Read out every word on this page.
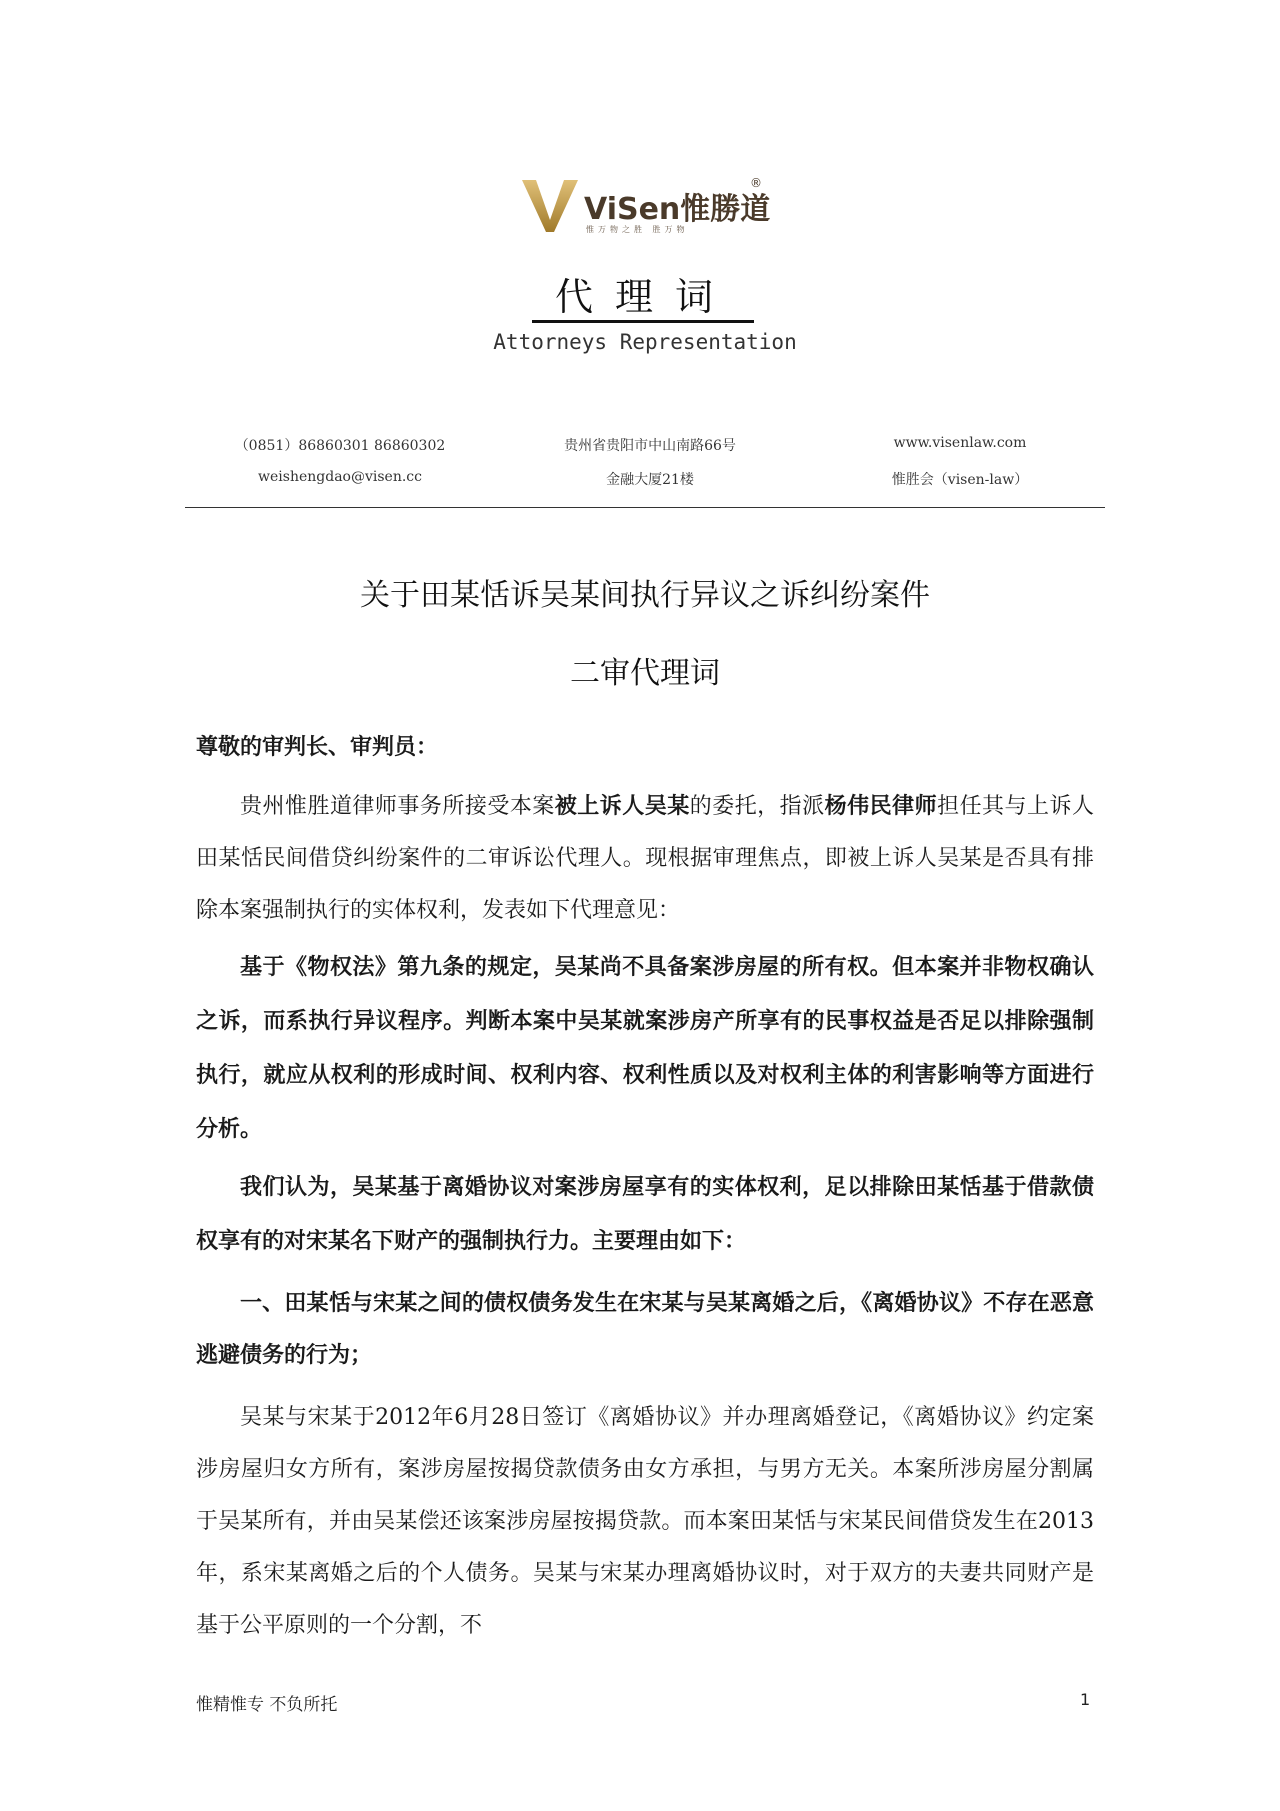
ViSen惟勝道
®
惟万物之胜 胜万物
代理词
Attorneys Representation
（0851）86860301 86860302
weishengdao@visen.cc
贵州省贵阳市中山南路66号
金融大厦21楼
www.visenlaw.com
惟胜会（visen-law）
关于田某恬诉吴某间执行异议之诉纠纷案件
二审代理词
尊敬的审判长、审判员：

贵州惟胜道律师事务所接受本案被上诉人吴某的委托，指派杨伟民律师担任其与上诉人田某恬民间借贷纠纷案件的二审诉讼代理人。现根据审理焦点，即被上诉人吴某是否具有排除本案强制执行的实体权利，发表如下代理意见：

基于《物权法》第九条的规定，吴某尚不具备案涉房屋的所有权。但本案并非物权确认之诉，而系执行异议程序。判断本案中吴某就案涉房产所享有的民事权益是否足以排除强制执行，就应从权利的形成时间、权利内容、权利性质以及对权利主体的利害影响等方面进行分析。

我们认为，吴某基于离婚协议对案涉房屋享有的实体权利，足以排除田某恬基于借款债权享有的对宋某名下财产的强制执行力。主要理由如下：

一、田某恬与宋某之间的债权债务发生在宋某与吴某离婚之后，《离婚协议》不存在恶意逃避债务的行为；

吴某与宋某于2012年6月28日签订《离婚协议》并办理离婚登记，《离婚协议》约定案涉房屋归女方所有，案涉房屋按揭贷款债务由女方承担，与男方无关。本案所涉房屋分割属于吴某所有，并由吴某偿还该案涉房屋按揭贷款。而本案田某恬与宋某民间借贷发生在2013年，系宋某离婚之后的个人债务。吴某与宋某办理离婚协议时，对于双方的夫妻共同财产是基于公平原则的一个分割，不

惟精惟专 不负所托	1
